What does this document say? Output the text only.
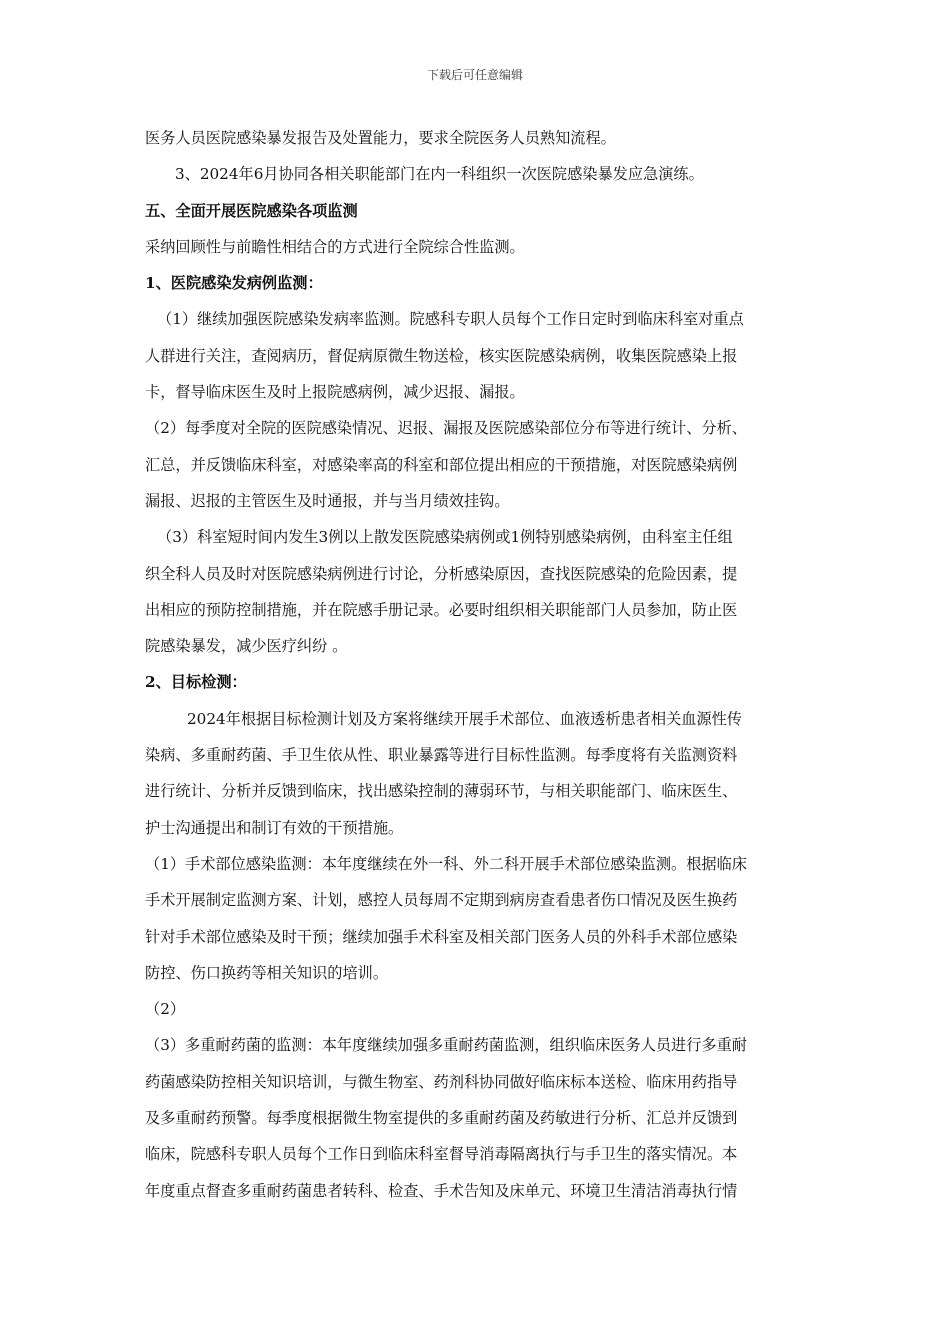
下载后可任意编辑
医务人员医院感染暴发报告及处置能力，要求全院医务人员熟知流程。
3、2024年6月协同各相关职能部门在内一科组织一次医院感染暴发应急演练。
五、全面开展医院感染各项监测
采纳回顾性与前瞻性相结合的方式进行全院综合性监测。
1、医院感染发病例监测：
（1）继续加强医院感染发病率监测。院感科专职人员每个工作日定时到临床科室对重点
人群进行关注，查阅病历，督促病原微生物送检，核实医院感染病例，收集医院感染上报
卡，督导临床医生及时上报院感病例，减少迟报、漏报。
（2）每季度对全院的医院感染情况、迟报、漏报及医院感染部位分布等进行统计、分析、
汇总，并反馈临床科室，对感染率高的科室和部位提出相应的干预措施，对医院感染病例
漏报、迟报的主管医生及时通报，并与当月绩效挂钩。
（3）科室短时间内发生3例以上散发医院感染病例或1例特别感染病例，由科室主任组
织全科人员及时对医院感染病例进行讨论，分析感染原因，查找医院感染的危险因素，提
出相应的预防控制措施，并在院感手册记录。必要时组织相关职能部门人员参加，防止医
院感染暴发，减少医疗纠纷 。
2、目标检测：
2024年根据目标检测计划及方案将继续开展手术部位、血液透析患者相关血源性传
染病、多重耐药菌、手卫生依从性、职业暴露等进行目标性监测。每季度将有关监测资料
进行统计、分析并反馈到临床，找出感染控制的薄弱环节，与相关职能部门、临床医生、
护士沟通提出和制订有效的干预措施。
（1）手术部位感染监测：本年度继续在外一科、外二科开展手术部位感染监测。根据临床
手术开展制定监测方案、计划，感控人员每周不定期到病房查看患者伤口情况及医生换药
针对手术部位感染及时干预；继续加强手术科室及相关部门医务人员的外科手术部位感染
防控、伤口换药等相关知识的培训。
（2）
（3）多重耐药菌的监测：本年度继续加强多重耐药菌监测，组织临床医务人员进行多重耐
药菌感染防控相关知识培训，与微生物室、药剂科协同做好临床标本送检、临床用药指导
及多重耐药预警。每季度根据微生物室提供的多重耐药菌及药敏进行分析、汇总并反馈到
临床，院感科专职人员每个工作日到临床科室督导消毒隔离执行与手卫生的落实情况。本
年度重点督查多重耐药菌患者转科、检查、手术告知及床单元、环境卫生清洁消毒执行情
